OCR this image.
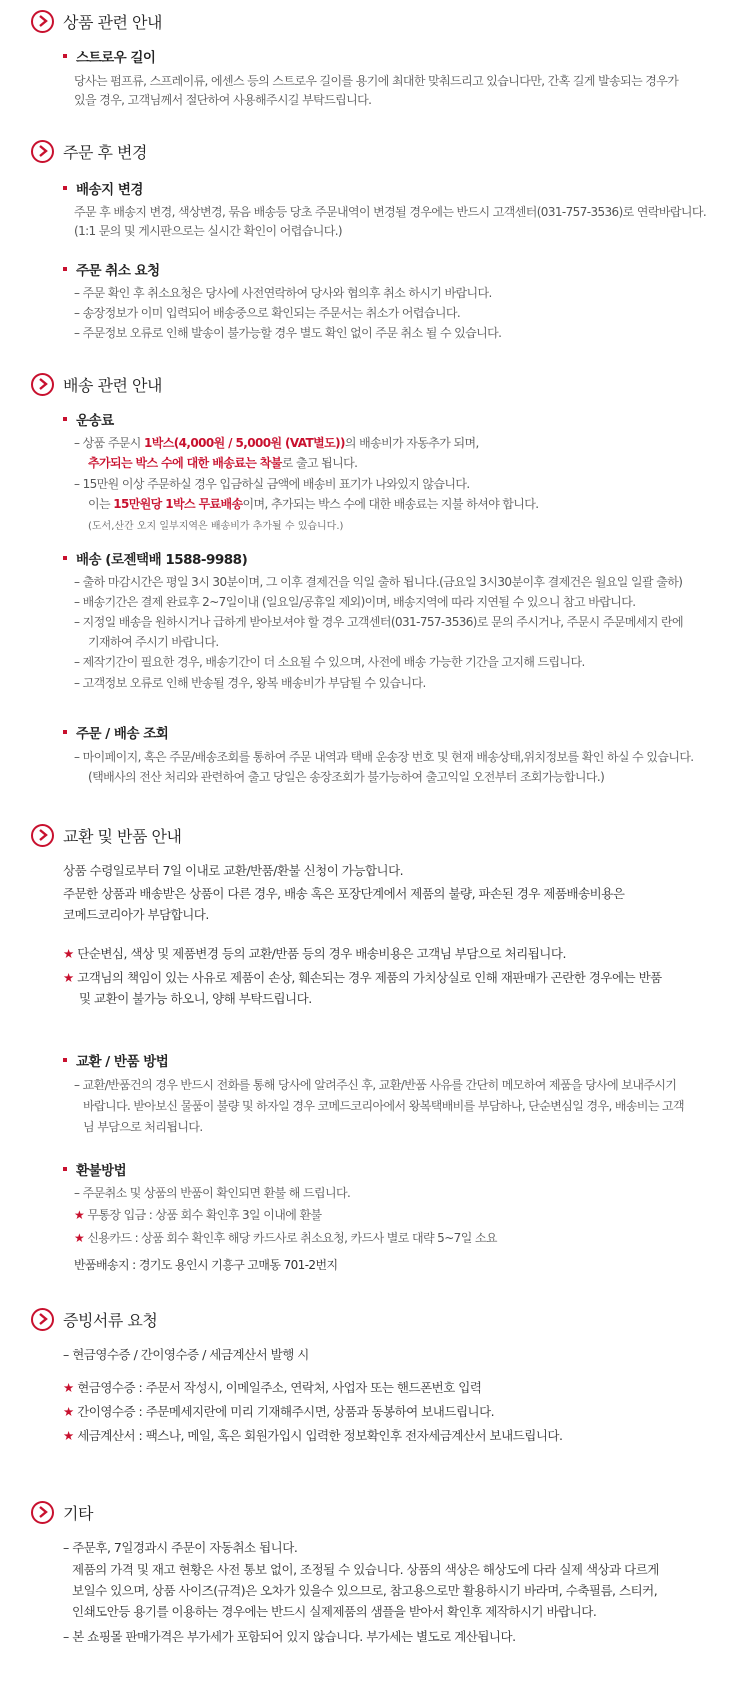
상품 관련 안내
스트로우 길이
당사는 펌프류, 스프레이류, 에센스 등의 스트로우 길이를 용기에 최대한 맞춰드리고 있습니다만, 간혹 길게 발송되는 경우가
있을 경우, 고객님께서 절단하여 사용해주시길 부탁드립니다.
주문 후 변경
배송지 변경
주문 후 배송지 변경, 색상변경, 묶음 배송등 당초 주문내역이 변경될 경우에는 반드시 고객센터(031-757-3536)로 연락바랍니다.
(1:1 문의 및 게시판으로는 실시간 확인이 어렵습니다.)
주문 취소 요청
– 주문 확인 후 취소요청은 당사에 사전연락하여 당사와 협의후 취소 하시기 바랍니다.
– 송장정보가 이미 입력되어 배송중으로 확인되는 주문서는 취소가 어렵습니다.
– 주문정보 오류로 인해 발송이 불가능할 경우 별도 확인 없이 주문 취소 될 수 있습니다.
배송 관련 안내
운송료
– 상품 주문시 1박스(4,000원 / 5,000원 (VAT별도))의 배송비가 자동추가 되며,
추가되는 박스 수에 대한 배송료는 착불로 출고 됩니다.
– 15만원 이상 주문하실 경우 입금하실 금액에 배송비 표기가 나와있지 않습니다.
이는 15만원당 1박스 무료배송이며, 추가되는 박스 수에 대한 배송료는 지불 하셔야 합니다.
(도서,산간 오지 일부지역은 배송비가 추가될 수 있습니다.)
배송 (로젠택배 1588-9988)
– 출하 마감시간은 평일 3시 30분이며, 그 이후 결제건을 익일 출하 됩니다.(금요일 3시30분이후 결제건은 월요일 일괄 출하)
– 배송기간은 결제 완료후 2~7일이내 (일요일/공휴일 제외)이며, 배송지역에 따라 지연될 수 있으니 참고 바랍니다.
– 지정일 배송을 원하시거나 급하게 받아보셔야 할 경우 고객센터(031-757-3536)로 문의 주시거나, 주문시 주문메세지 란에
기재하여 주시기 바랍니다.
– 제작기간이 필요한 경우, 배송기간이 더 소요될 수 있으며, 사전에 배송 가능한 기간을 고지해 드립니다.
– 고객정보 오류로 인해 반송될 경우, 왕복 배송비가 부담될 수 있습니다.
주문 / 배송 조회
– 마이페이지, 혹은 주문/배송조회를 통하여 주문 내역과 택배 운송장 번호 및 현재 배송상태,위치정보를 확인 하실 수 있습니다.
(택배사의 전산 처리와 관련하여 출고 당일은 송장조회가 불가능하여 출고익일 오전부터 조회가능합니다.)
교환 및 반품 안내
상품 수령일로부터 7일 이내로 교환/반품/환불 신청이 가능합니다.
주문한 상품과 배송받은 상품이 다른 경우, 배송 혹은 포장단계에서 제품의 불량, 파손된 경우 제품배송비용은
코메드코리아가 부담합니다.
★ 단순변심, 색상 및 제품변경 등의 교환/반품 등의 경우 배송비용은 고객님 부담으로 처리됩니다.
★ 고객님의 책임이 있는 사유로 제품이 손상, 훼손되는 경우 제품의 가치상실로 인해 재판매가 곤란한 경우에는 반품
및 교환이 불가능 하오니, 양해 부탁드립니다.
교환 / 반품 방법
– 교환/반품건의 경우 반드시 전화를 통해 당사에 알려주신 후, 교환/반품 사유를 간단히 메모하여 제품을 당사에 보내주시기
바랍니다. 받아보신 물품이 불량 및 하자일 경우 코메드코리아에서 왕복택배비를 부담하나, 단순변심일 경우, 배송비는 고객
님 부담으로 처리됩니다.
환불방법
– 주문취소 및 상품의 반품이 확인되면 환불 해 드립니다.
★ 무통장 입금 : 상품 회수 확인후 3일 이내에 환불
★ 신용카드 : 상품 회수 확인후 해당 카드사로 취소요청, 카드사 별로 대략 5~7일 소요
반품배송지 : 경기도 용인시 기흥구 고매동 701-2번지
증빙서류 요청
– 현금영수증 / 간이영수증 / 세금계산서 발행 시
★ 현금영수증 : 주문서 작성시, 이메일주소, 연락처, 사업자 또는 핸드폰번호 입력
★ 간이영수증 : 주문메세지란에 미리 기재해주시면, 상품과 동봉하여 보내드립니다.
★ 세금계산서 : 팩스나, 메일, 혹은 회원가입시 입력한 정보확인후 전자세금계산서 보내드립니다.
기타
– 주문후, 7일경과시 주문이 자동취소 됩니다.
제품의 가격 및 재고 현황은 사전 통보 없이, 조정될 수 있습니다. 상품의 색상은 해상도에 다라 실제 색상과 다르게
보일수 있으며, 상품 사이즈(규격)은 오차가 있을수 있으므로, 참고용으로만 활용하시기 바라며, 수축필름, 스티커,
인쇄도안등 용기를 이용하는 경우에는 반드시 실제제품의 샘플을 받아서 확인후 제작하시기 바랍니다.
– 본 쇼핑몰 판매가격은 부가세가 포함되어 있지 않습니다. 부가세는 별도로 계산됩니다.
